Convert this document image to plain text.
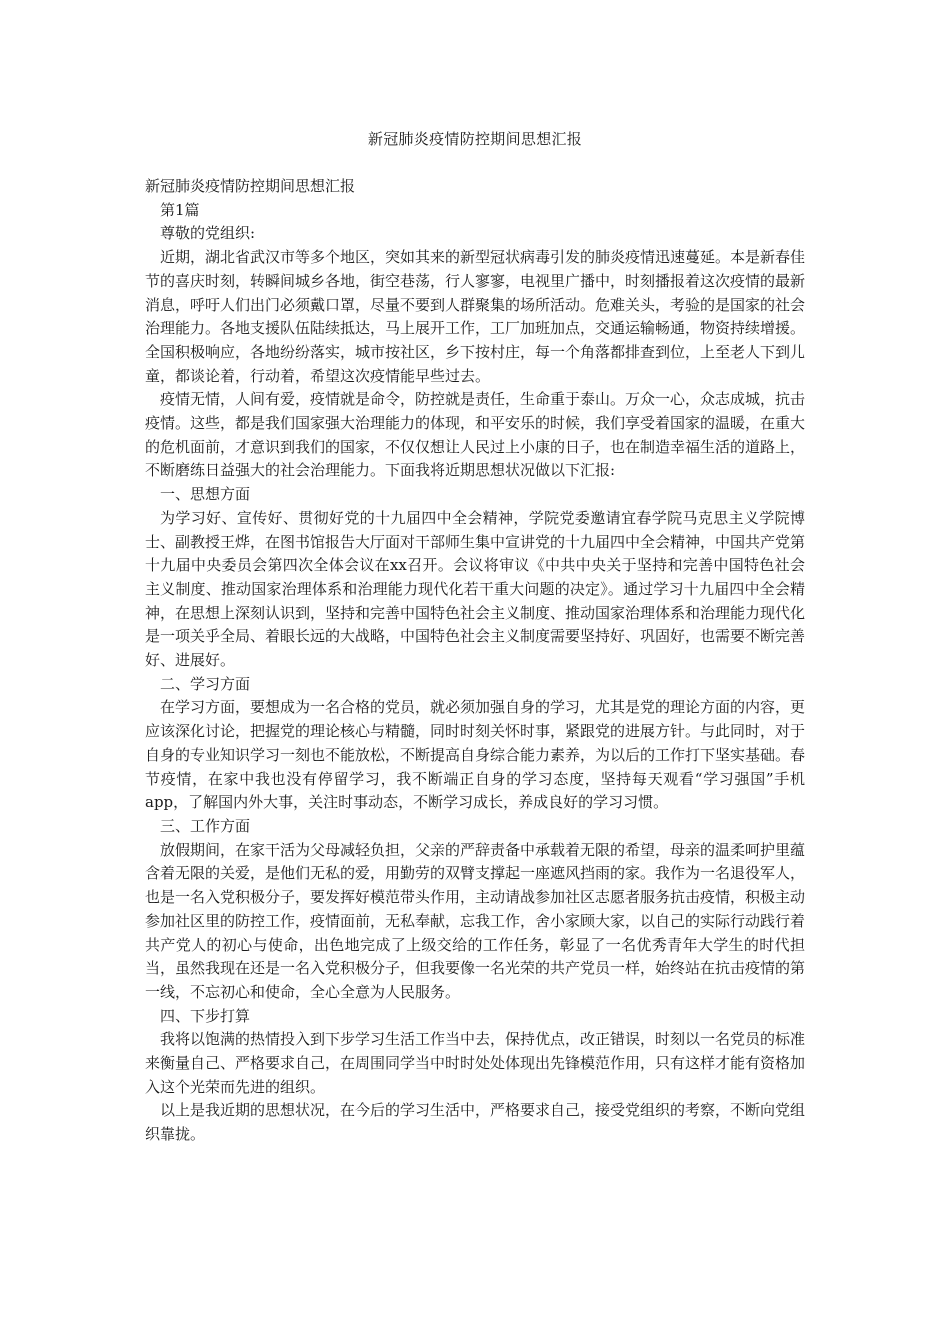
新冠肺炎疫情防控期间思想汇报

新冠肺炎疫情防控期间思想汇报

第1篇

尊敬的党组织:

近期，湖北省武汉市等多个地区，突如其来的新型冠状病毒引发的肺炎疫情迅速蔓延。本是新春佳节的喜庆时刻，转瞬间城乡各地，街空巷荡，行人寥寥，电视里广播中，时刻播报着这次疫情的最新消息，呼吁人们出门必须戴口罩，尽量不要到人群聚集的场所活动。危难关头，考验的是国家的社会治理能力。各地支援队伍陆续抵达，马上展开工作，工厂加班加点，交通运输畅通，物资持续增援。全国积极响应，各地纷纷落实，城市按社区，乡下按村庄，每一个角落都排查到位，上至老人下到儿童，都谈论着，行动着，希望这次疫情能早些过去。

疫情无情，人间有爱，疫情就是命令，防控就是责任，生命重于泰山。万众一心，众志成城，抗击疫情。这些，都是我们国家强大治理能力的体现，和平安乐的时候，我们享受着国家的温暖，在重大的危机面前，才意识到我们的国家，不仅仅想让人民过上小康的日子，也在制造幸福生活的道路上，不断磨练日益强大的社会治理能力。下面我将近期思想状况做以下汇报:

一、思想方面

为学习好、宣传好、贯彻好党的十九届四中全会精神，学院党委邀请宜春学院马克思主义学院博士、副教授王烨，在图书馆报告大厅面对干部师生集中宣讲党的十九届四中全会精神，中国共产党第十九届中央委员会第四次全体会议在xx召开。会议将审议《中共中央关于坚持和完善中国特色社会主义制度、推动国家治理体系和治理能力现代化若干重大问题的决定》。通过学习十九届四中全会精神，在思想上深刻认识到，坚持和完善中国特色社会主义制度、推动国家治理体系和治理能力现代化是一项关乎全局、着眼长远的大战略，中国特色社会主义制度需要坚持好、巩固好，也需要不断完善好、进展好。

二、学习方面

在学习方面，要想成为一名合格的党员，就必须加强自身的学习，尤其是党的理论方面的内容，更应该深化讨论，把握党的理论核心与精髓，同时时刻关怀时事，紧跟党的进展方针。与此同时，对于自身的专业知识学习一刻也不能放松，不断提高自身综合能力素养，为以后的工作打下坚实基础。春节疫情，在家中我也没有停留学习，我不断端正自身的学习态度，坚持每天观看“学习强国”手机app，了解国内外大事，关注时事动态，不断学习成长，养成良好的学习习惯。

三、工作方面

放假期间，在家干活为父母减轻负担，父亲的严辞责备中承载着无限的希望，母亲的温柔呵护里蕴含着无限的关爱，是他们无私的爱，用勤劳的双臂支撑起一座遮风挡雨的家。我作为一名退役军人，也是一名入党积极分子，要发挥好模范带头作用，主动请战参加社区志愿者服务抗击疫情，积极主动参加社区里的防控工作，疫情面前，无私奉献，忘我工作，舍小家顾大家，以自己的实际行动践行着共产党人的初心与使命，出色地完成了上级交给的工作任务，彰显了一名优秀青年大学生的时代担当，虽然我现在还是一名入党积极分子，但我要像一名光荣的共产党员一样，始终站在抗击疫情的第一线，不忘初心和使命，全心全意为人民服务。

四、下步打算

我将以饱满的热情投入到下步学习生活工作当中去，保持优点，改正错误，时刻以一名党员的标准来衡量自己、严格要求自己，在周围同学当中时时处处体现出先锋模范作用，只有这样才能有资格加入这个光荣而先进的组织。

以上是我近期的思想状况，在今后的学习生活中，严格要求自己，接受党组织的考察，不断向党组织靠拢。
